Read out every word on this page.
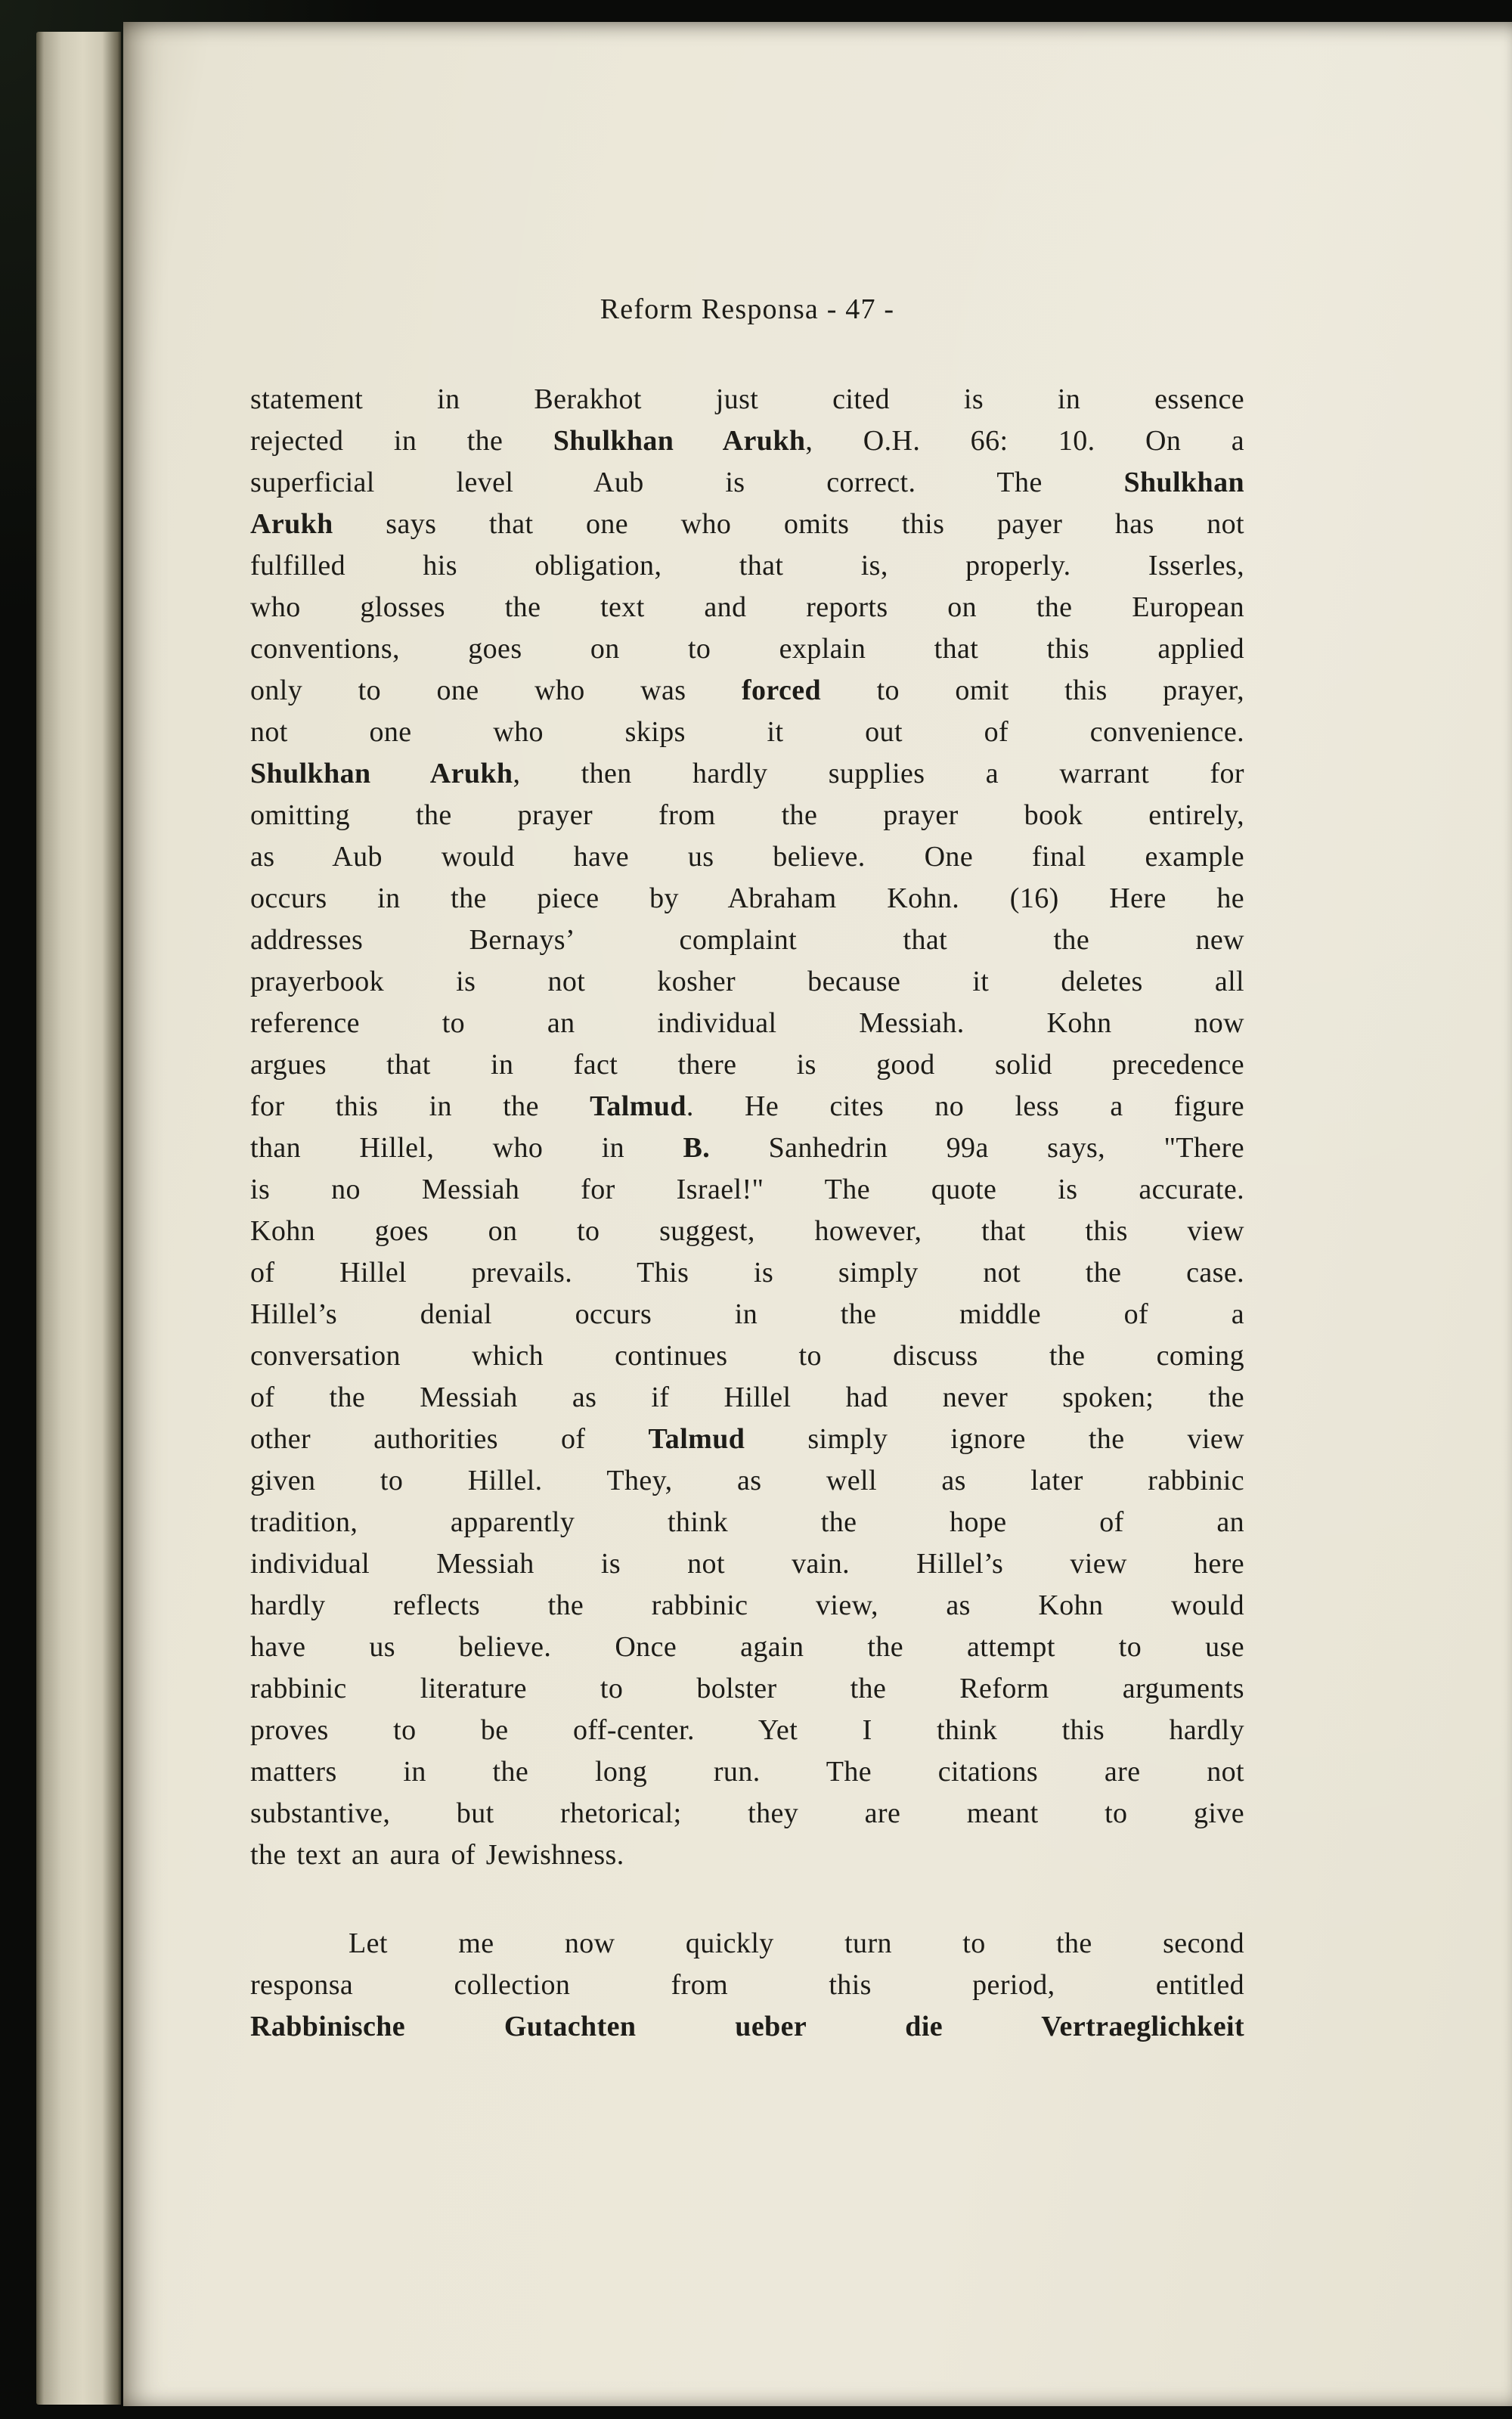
Reform Responsa - 47 -
statement in Berakhot just cited is in essence
rejected in the Shulkhan Arukh, O.H. 66: 10. On a
superficial level Aub is correct. The Shulkhan
Arukh says that one who omits this payer has not
fulfilled his obligation, that is, properly. Isserles,
who glosses the text and reports on the European
conventions, goes on to explain that this applied
only to one who was forced to omit this prayer,
not one who skips it out of convenience.
Shulkhan Arukh, then hardly supplies a warrant for
omitting the prayer from the prayer book entirely,
as Aub would have us believe. One final example
occurs in the piece by Abraham Kohn. (16) Here he
addresses Bernays’ complaint that the new
prayerbook is not kosher because it deletes all
reference to an individual Messiah. Kohn now
argues that in fact there is good solid precedence
for this in the Talmud. He cites no less a figure
than Hillel, who in B. Sanhedrin 99a says, "There
is no Messiah for Israel!" The quote is accurate.
Kohn goes on to suggest, however, that this view
of Hillel prevails. This is simply not the case.
Hillel’s denial occurs in the middle of a
conversation which continues to discuss the coming
of the Messiah as if Hillel had never spoken; the
other authorities of Talmud simply ignore the view
given to Hillel. They, as well as later rabbinic
tradition, apparently think the hope of an
individual Messiah is not vain. Hillel’s view here
hardly reflects the rabbinic view, as Kohn would
have us believe. Once again the attempt to use
rabbinic literature to bolster the Reform arguments
proves to be off-center. Yet I think this hardly
matters in the long run. The citations are not
substantive, but rhetorical; they are meant to give
the text an aura of Jewishness.
Let me now quickly turn to the second
responsa collection from this period, entitled
Rabbinische Gutachten ueber die Vertraeglichkeit
